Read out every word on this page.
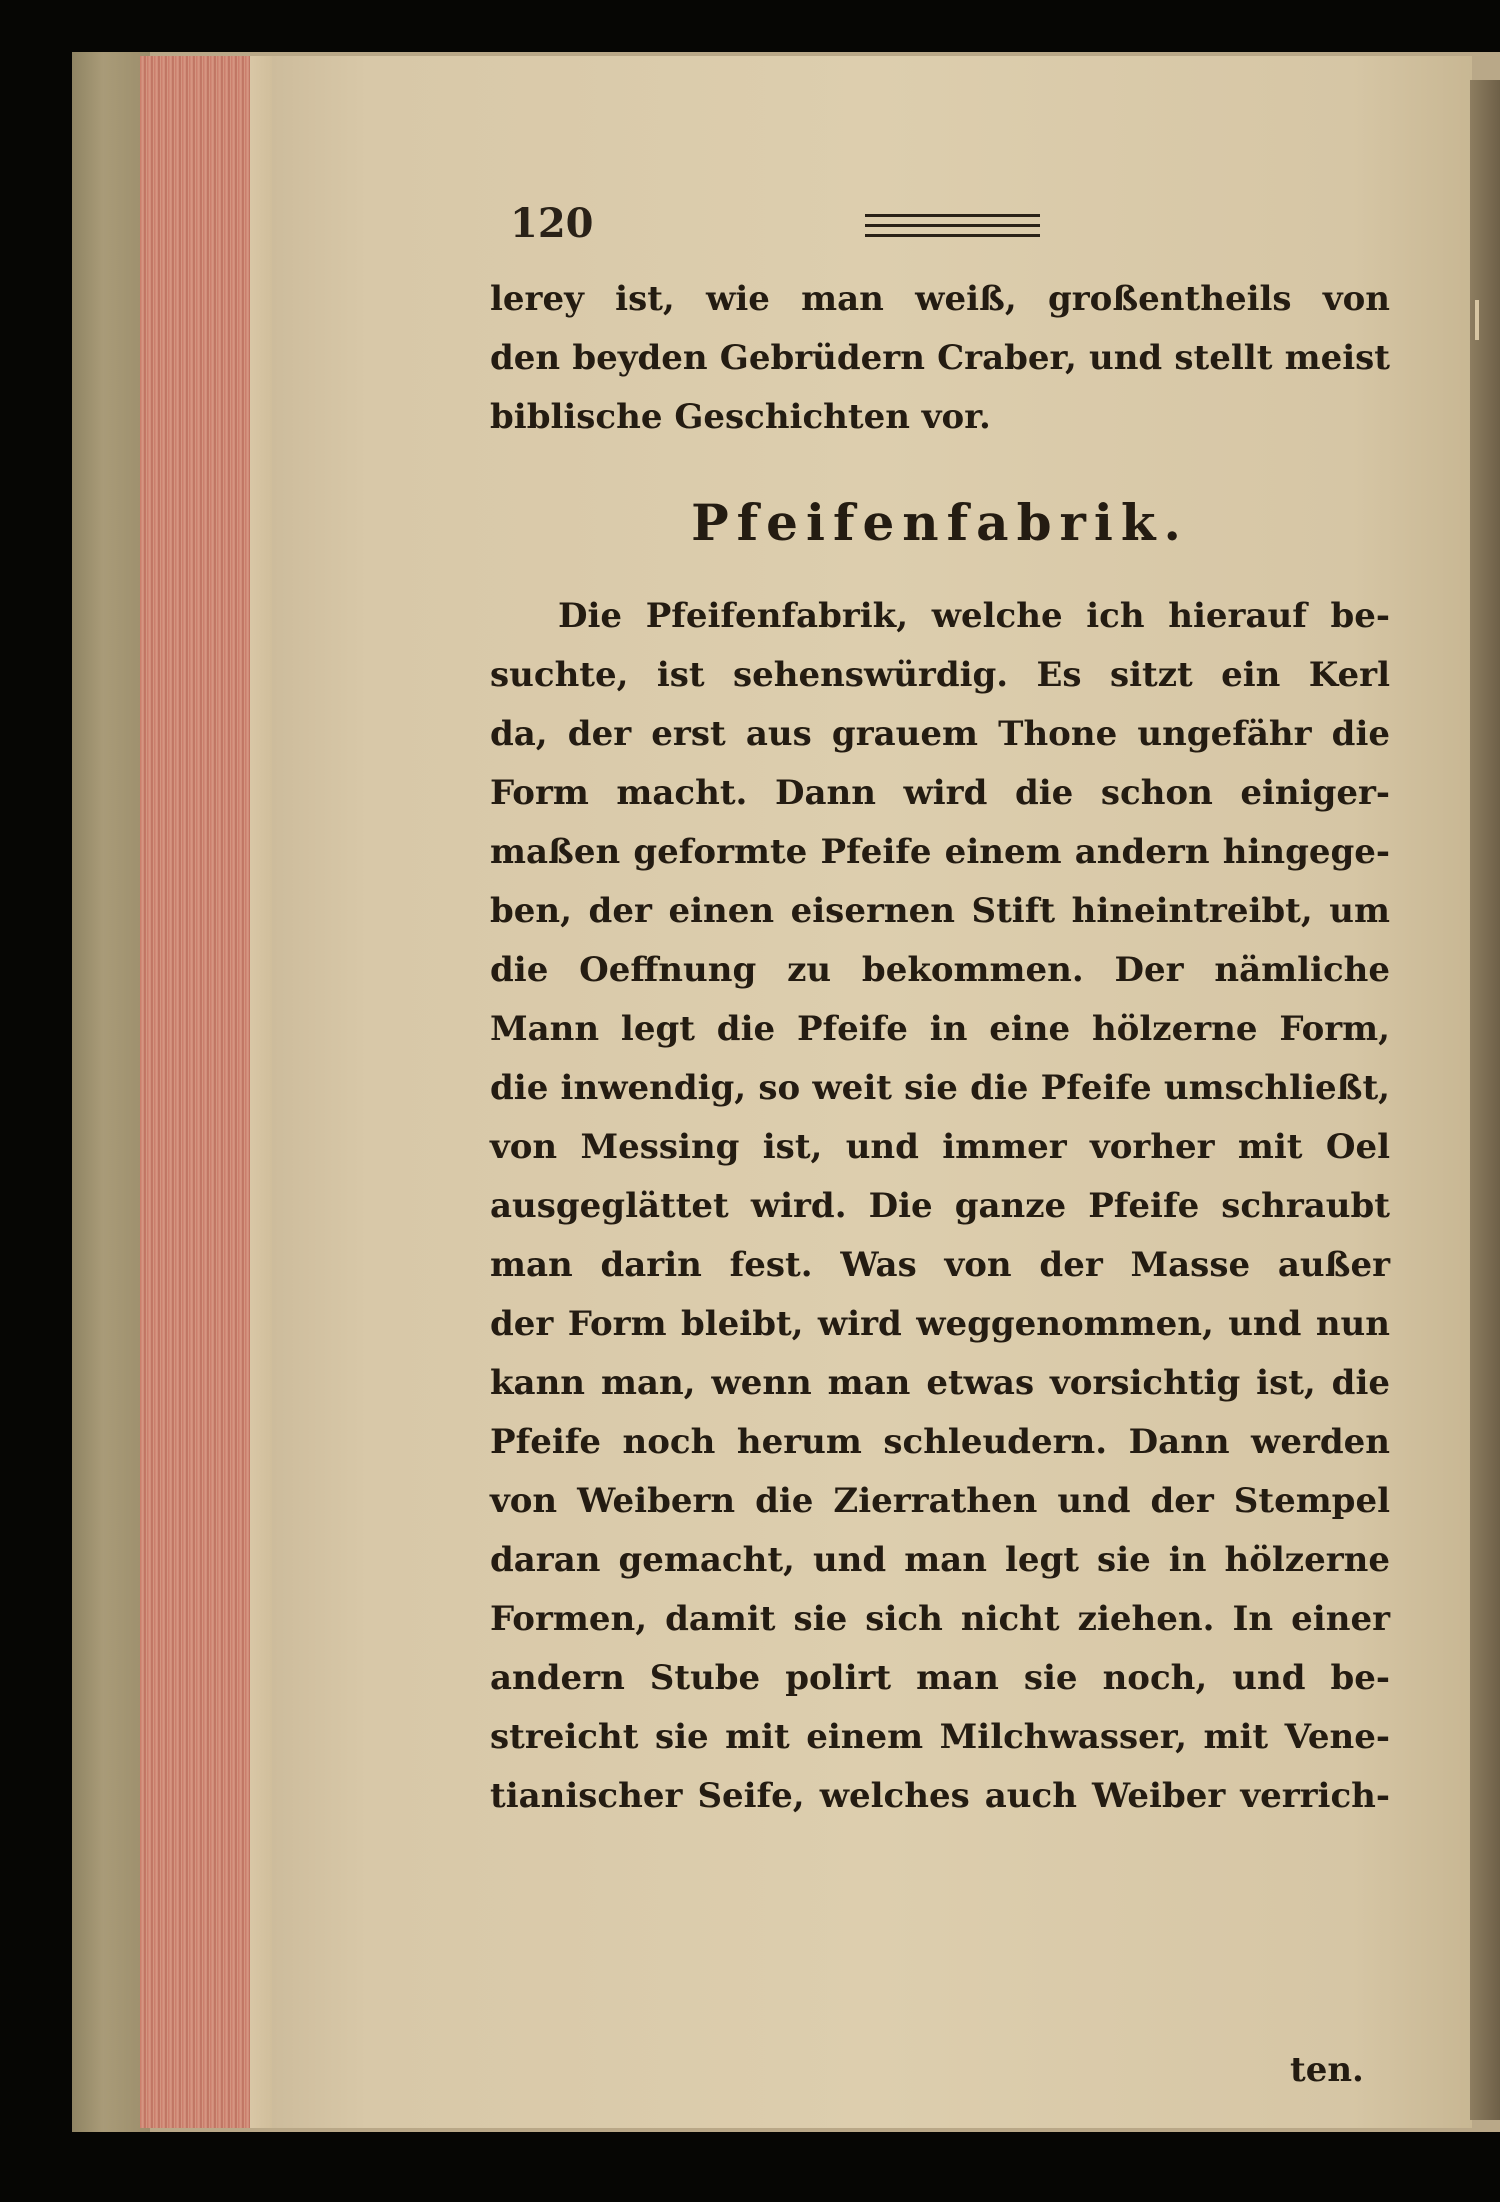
120
lerey ist, wie man weiß, großentheils von
den beyden Gebrüdern Craber, und stellt meist
biblische Geschichten vor.
Pfeifenfabrik.
Die Pfeifenfabrik, welche ich hierauf be-
suchte, ist sehenswürdig. Es sitzt ein Kerl
da, der erst aus grauem Thone ungefähr die
Form macht. Dann wird die schon einiger-
maßen geformte Pfeife einem andern hingege-
ben, der einen eisernen Stift hineintreibt, um
die Oeffnung zu bekommen. Der nämliche
Mann legt die Pfeife in eine hölzerne Form,
die inwendig, so weit sie die Pfeife umschließt,
von Messing ist, und immer vorher mit Oel
ausgeglättet wird. Die ganze Pfeife schraubt
man darin fest. Was von der Masse außer
der Form bleibt, wird weggenommen, und nun
kann man, wenn man etwas vorsichtig ist, die
Pfeife noch herum schleudern. Dann werden
von Weibern die Zierrathen und der Stempel
daran gemacht, und man legt sie in hölzerne
Formen, damit sie sich nicht ziehen. In einer
andern Stube polirt man sie noch, und be-
streicht sie mit einem Milchwasser, mit Vene-
tianischer Seife, welches auch Weiber verrich-
ten.
